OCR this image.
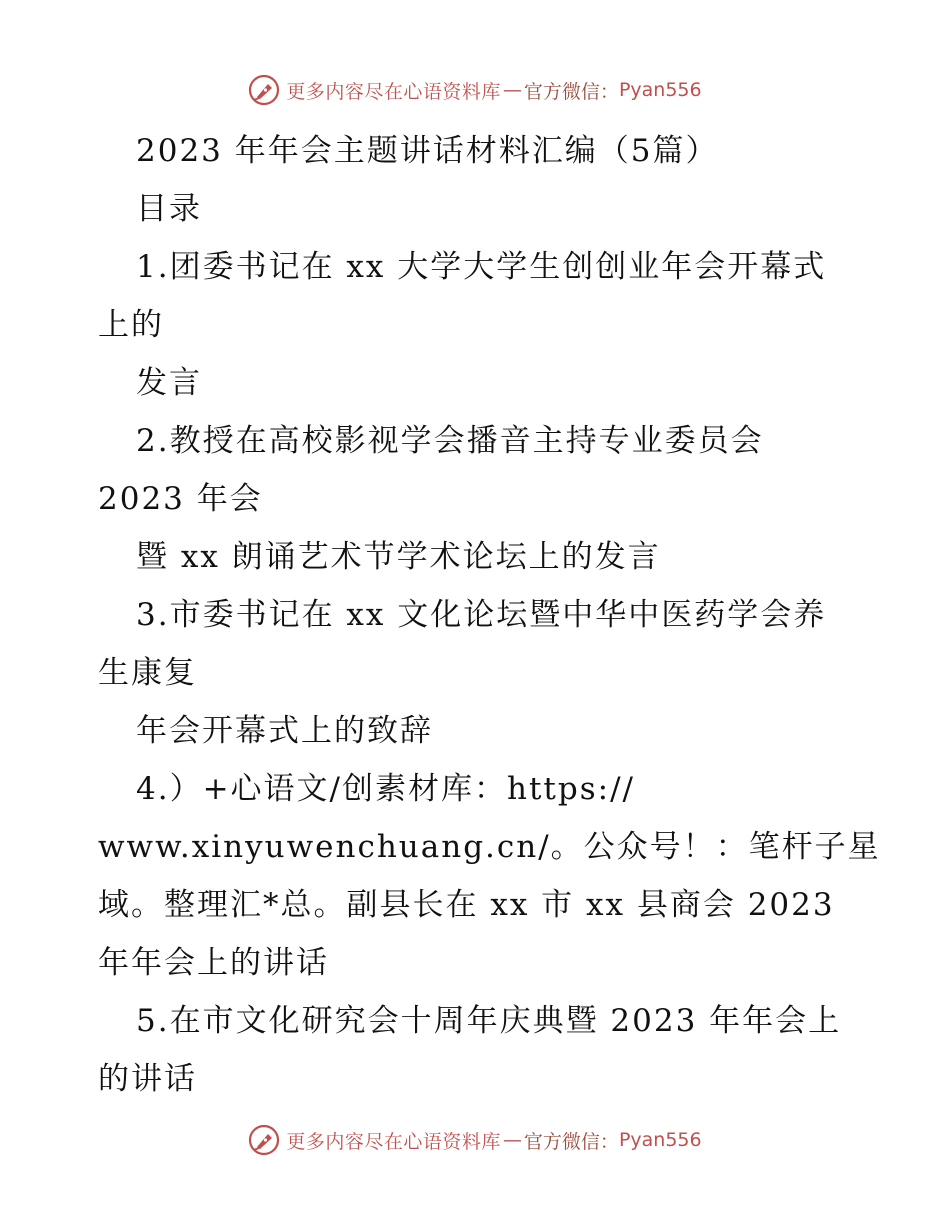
更多内容尽在心语资料库 — 官方微信： Pyan556
2023 年年会主题讲话材料汇编（5篇）
目录
1.团委书记在 xx 大学大学生创创业年会开幕式
上的
发言
2.教授在高校影视学会播音主持专业委员会
2023 年会
暨 xx 朗诵艺术节学术论坛上的发言
3.市委书记在 xx 文化论坛暨中华中医药学会养
生康复
年会开幕式上的致辞
4.）+心语文/创素材库：https://
www.xinyuwenchuang.cn/。公众号！：笔杆子星
域。整理汇*总。副县长在 xx 市 xx 县商会 2023
年年会上的讲话
5.在市文化研究会十周年庆典暨 2023 年年会上
的讲话
更多内容尽在心语资料库 — 官方微信： Pyan556
